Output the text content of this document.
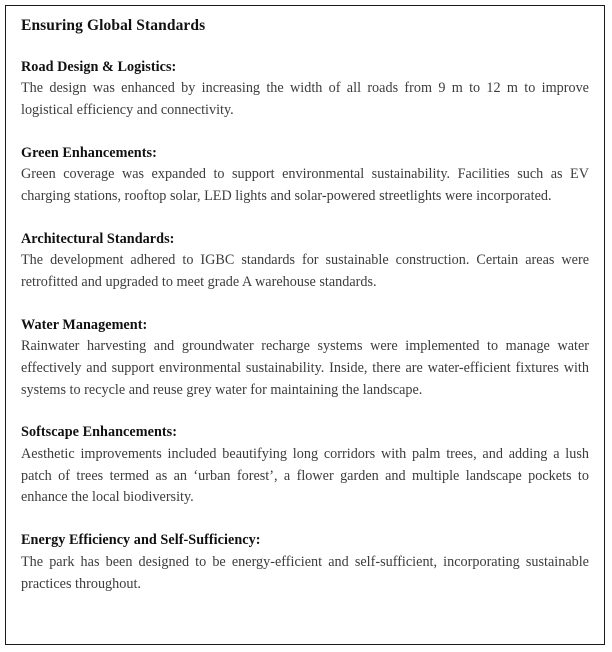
Ensuring Global Standards
Road Design & Logistics:

The design was enhanced by increasing the width of all roads from 9 m to 12 m to improve logistical efficiency and connectivity.

Green Enhancements:

Green coverage was expanded to support environmental sustainability. Facilities such as EV charging stations, rooftop solar, LED lights and solar-powered streetlights were incorporated.

Architectural Standards:

The development adhered to IGBC standards for sustainable construction. Certain areas were retrofitted and upgraded to meet grade A warehouse standards.

Water Management:

Rainwater harvesting and groundwater recharge systems were implemented to manage water effectively and support environmental sustainability. Inside, there are water-efficient fixtures with systems to recycle and reuse grey water for maintaining the landscape.

Softscape Enhancements:

Aesthetic improvements included beautifying long corridors with palm trees, and adding a lush patch of trees termed as an ‘urban forest’, a flower garden and multiple landscape pockets to enhance the local biodiversity.

Energy Efficiency and Self-Sufficiency:

The park has been designed to be energy-efficient and self-sufficient, incorporating sustainable practices throughout.
